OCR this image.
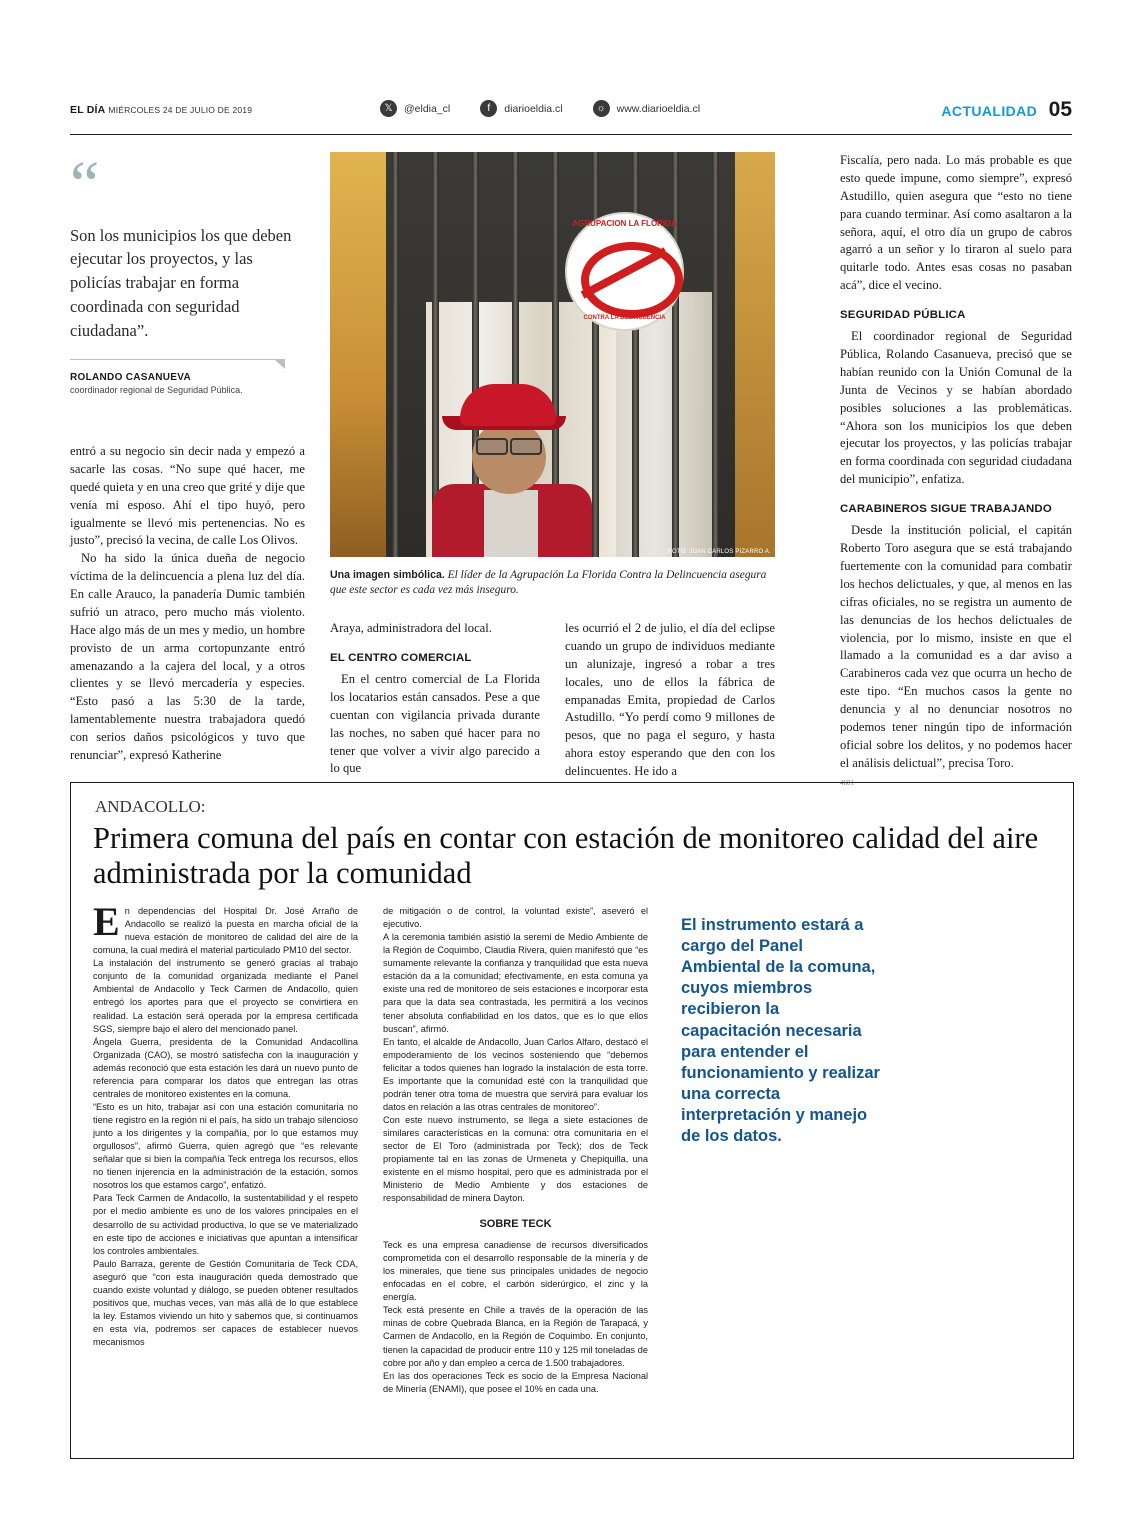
EL DÍA MIÉRCOLES 24 DE JULIO DE 2019	𝕏	@eldia_cl	f	diarioeldia.cl	☼	www.diarioeldia.cl	ACTUALIDAD 05
“
Son los municipios los que deben ejecutar los proyectos, y las policías trabajar en forma coordinada con seguridad ciudadana”.
ROLANDO CASANUEVA
coordinador regional de Seguridad Pública.
AGRUPACION LA FLORIDA
CONTRA LA DELINCUENCIA
FOTO: JUAN CARLOS PIZARRO A.
Una imagen simbólica. El líder de la Agrupación La Florida Contra la Delincuencia asegura que este sector es cada vez más inseguro.

entró a su negocio sin decir nada y empezó a sacarle las cosas. “No supe qué hacer, me quedé quieta y en una creo que grité y dije que venía mi esposo. Ahí el tipo huyó, pero igualmente se llevó mis pertenencias. No es justo”, precisó la vecina, de calle Los Olivos.

No ha sido la única dueña de negocio víctima de la delincuencia a plena luz del día. En calle Arauco, la panadería Dumic también sufrió un atraco, pero mucho más violento. Hace algo más de un mes y medio, un hombre provisto de un arma cortopunzante entró amenazando a la cajera del local, y a otros clientes y se llevó mercadería y especies. “Esto pasó a las 5:30 de la tarde, lamentablemente nuestra trabajadora quedó con serios daños psicológicos y tuvo que renunciar”, expresó Katherine

Araya, administradora del local.

EL CENTRO COMERCIAL

En el centro comercial de La Florida los locatarios están cansados. Pese a que cuentan con vigilancia privada durante las noches, no saben qué hacer para no tener que volver a vivir algo parecido a lo que

les ocurrió el 2 de julio, el día del eclipse cuando un grupo de individuos mediante un alunizaje, ingresó a robar a tres locales, uno de ellos la fábrica de empanadas Emita, propiedad de Carlos Astudillo. “Yo perdí como 9 millones de pesos, que no paga el seguro, y hasta ahora estoy esperando que den con los delincuentes. He ido a

Fiscalía, pero nada. Lo más probable es que esto quede impune, como siempre”, expresó Astudillo, quien asegura que “esto no tiene para cuando terminar. Así como asaltaron a la señora, aquí, el otro día un grupo de cabros agarró a un señor y lo tiraron al suelo para quitarle todo. Antes esas cosas no pasaban acá”, dice el vecino.

SEGURIDAD PÚBLICA

El coordinador regional de Seguridad Pública, Rolando Casanueva, precisó que se habían reunido con la Unión Comunal de la Junta de Vecinos y se habían abordado posibles soluciones a las problemáticas. “Ahora son los municipios los que deben ejecutar los proyectos, y las policías trabajar en forma coordinada con seguridad ciudadana del municipio”, enfatiza.

CARABINEROS SIGUE TRABAJANDO

Desde la institución policial, el capitán Roberto Toro asegura que se está trabajando fuertemente con la comunidad para combatir los hechos delictuales, y que, al menos en las cifras oficiales, no se registra un aumento de las denuncias de los hechos delictuales de violencia, por lo mismo, insiste en que el llamado a la comunidad es a dar aviso a Carabineros cada vez que ocurra un hecho de este tipo. “En muchos casos la gente no denuncia y al no denunciar nosotros no podemos tener ningún tipo de información oficial sobre los delitos, y no podemos hacer el análisis delictual”, precisa Toro.

4601
ANDACOLLO:
Primera comuna del país en contar con estación de monitoreo calidad del aire administrada por la comunidad

En dependencias del Hospital Dr. José Arraño de Andacollo se realizó la puesta en marcha oficial de la nueva estación de monitoreo de calidad del aire de la comuna, la cual medirá el material particulado PM10 del sector.

La instalación del instrumento se generó gracias al trabajo conjunto de la comunidad organizada mediante el Panel Ambiental de Andacollo y Teck Carmen de Andacollo, quien entregó los aportes para que el proyecto se convirtiera en realidad. La estación será operada por la empresa certificada SGS, siempre bajo el alero del mencionado panel.

Ángela Guerra, presidenta de la Comunidad Andacollina Organizada (CAO), se mostró satisfecha con la inauguración y además reconoció que esta estación les dará un nuevo punto de referencia para comparar los datos que entregan las otras centrales de monitoreo existentes en la comuna.

“Esto es un hito, trabajar así con una estación comunitaria no tiene registro en la región ni el país, ha sido un trabajo silencioso junto a los dirigentes y la compañía, por lo que estamos muy orgullosos”, afirmó Guerra, quien agregó que “es relevante señalar que si bien la compañía Teck entrega los recursos, ellos no tienen injerencia en la administración de la estación, somos nosotros los que estamos cargo”, enfatizó.

Para Teck Carmen de Andacollo, la sustentabilidad y el respeto por el medio ambiente es uno de los valores principales en el desarrollo de su actividad productiva, lo que se ve materializado en este tipo de acciones e iniciativas que apuntan a intensificar los controles ambientales.

Paulo Barraza, gerente de Gestión Comunitaria de Teck CDA, aseguró que “con esta inauguración queda demostrado que cuando existe voluntad y diálogo, se pueden obtener resultados positivos que, muchas veces, van más allá de lo que establece la ley. Estamos viviendo un hito y sabemos que, si continuamos en esta vía, podremos ser capaces de establecer nuevos mecanismos

de mitigación o de control, la voluntad existe”, aseveró el ejecutivo.

A la ceremonia también asistió la seremi de Medio Ambiente de la Región de Coquimbo, Claudia Rivera, quien manifestó que “es sumamente relevante la confianza y tranquilidad que esta nueva estación da a la comunidad; efectivamente, en esta comuna ya existe una red de monitoreo de seis estaciones e incorporar esta para que la data sea contrastada, les permitirá a los vecinos tener absoluta confiabilidad en los datos, que es lo que ellos buscan”, afirmó.

En tanto, el alcalde de Andacollo, Juan Carlos Alfaro, destacó el empoderamiento de los vecinos sosteniendo que “debemos felicitar a todos quienes han logrado la instalación de esta torre. Es importante que la comunidad esté con la tranquilidad que podrán tener otra toma de muestra que servirá para evaluar los datos en relación a las otras centrales de monitoreo”.

Con este nuevo instrumento, se llega a siete estaciones de similares características en la comuna: otra comunitaria en el sector de El Toro (administrada por Teck); dos de Teck propiamente tal en las zonas de Urmeneta y Chepiquilla, una existente en el mismo hospital, pero que es administrada por el Ministerio de Medio Ambiente y dos estaciones de responsabilidad de minera Dayton.

SOBRE TECK

Teck es una empresa canadiense de recursos diversificados comprometida con el desarrollo responsable de la minería y de los minerales, que tiene sus principales unidades de negocio enfocadas en el cobre, el carbón siderúrgico, el zinc y la energía.

Teck está presente en Chile a través de la operación de las minas de cobre Quebrada Blanca, en la Región de Tarapacá, y Carmen de Andacollo, en la Región de Coquimbo. En conjunto, tienen la capacidad de producir entre 110 y 125 mil toneladas de cobre por año y dan empleo a cerca de 1.500 trabajadores.

En las dos operaciones Teck es socio de la Empresa Nacional de Minería (ENAMI), que posee el 10% en cada una.

El instrumento estará a cargo del Panel Ambiental de la comuna, cuyos miembros recibieron la capacitación necesaria para entender el funcionamiento y realizar una correcta interpretación y manejo de los datos.
